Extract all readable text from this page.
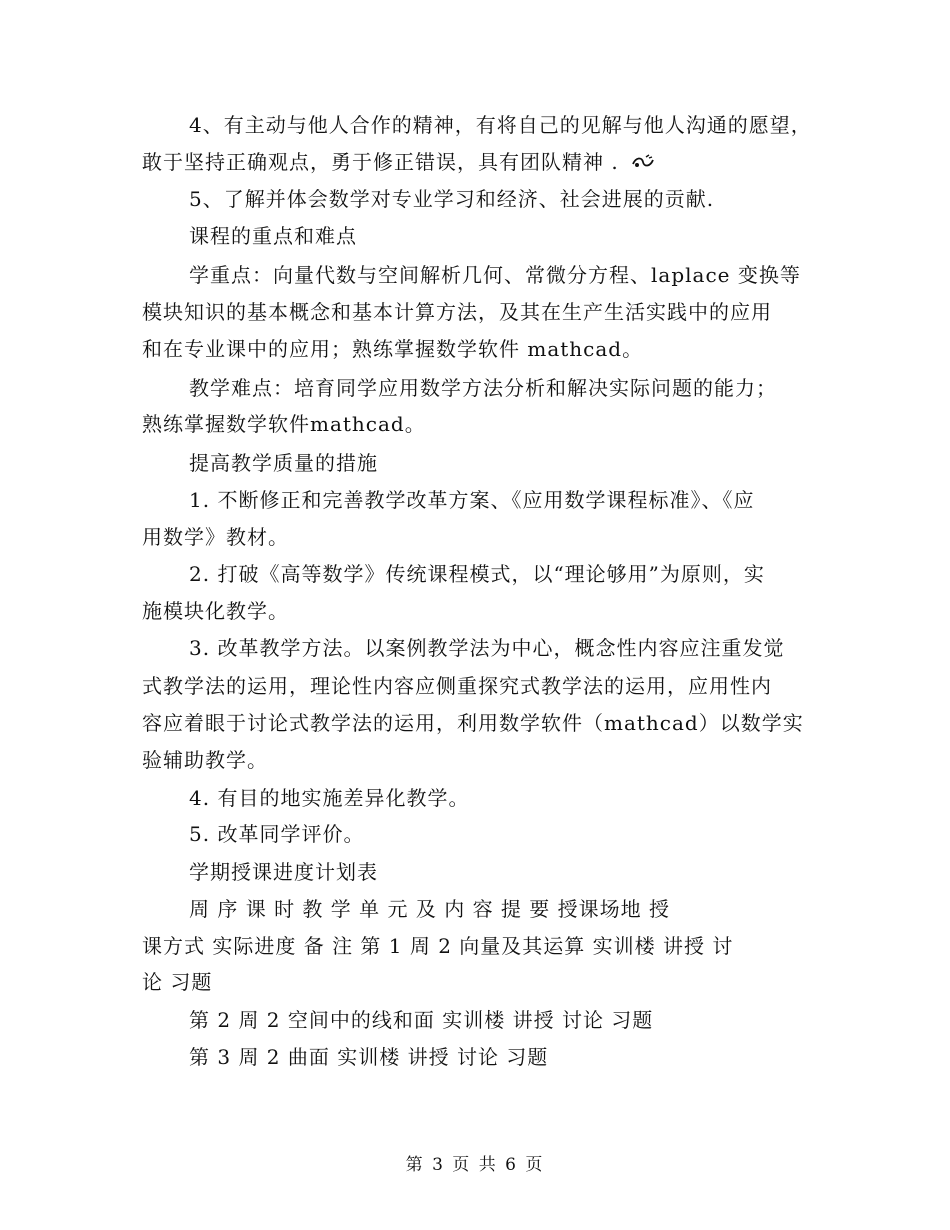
4、有主动与他人合作的精神，有将自己的见解与他人沟通的愿望，
敢于坚持正确观点，勇于修正错误，具有团队精神 .
5、了解并体会数学对专业学习和经济、社会进展的贡献.
课程的重点和难点
学重点：向量代数与空间解析几何、常微分方程、laplace 变换等
模块知识的基本概念和基本计算方法，及其在生产生活实践中的应用
和在专业课中的应用；熟练掌握数学软件 mathcad。
教学难点：培育同学应用数学方法分析和解决实际问题的能力；
熟练掌握数学软件mathcad。
提高教学质量的措施
1. 不断修正和完善教学改革方案、《应用数学课程标准》、《应
用数学》教材。
2. 打破《高等数学》传统课程模式，以“理论够用”为原则，实
施模块化教学。
3. 改革教学方法。以案例教学法为中心，概念性内容应注重发觉
式教学法的运用，理论性内容应侧重探究式教学法的运用，应用性内
容应着眼于讨论式教学法的运用，利用数学软件（mathcad）以数学实
验辅助教学。
4. 有目的地实施差异化教学。
5. 改革同学评价。
学期授课进度计划表
周 序 课 时 教 学 单 元 及 内 容 提 要 授课场地 授
课方式 实际进度 备 注 第 1 周 2 向量及其运算 实训楼 讲授 讨
论 习题
第 2 周 2 空间中的线和面 实训楼 讲授 讨论 习题
第 3 周 2 曲面 实训楼 讲授 讨论 习题
第 3 页 共 6 页
